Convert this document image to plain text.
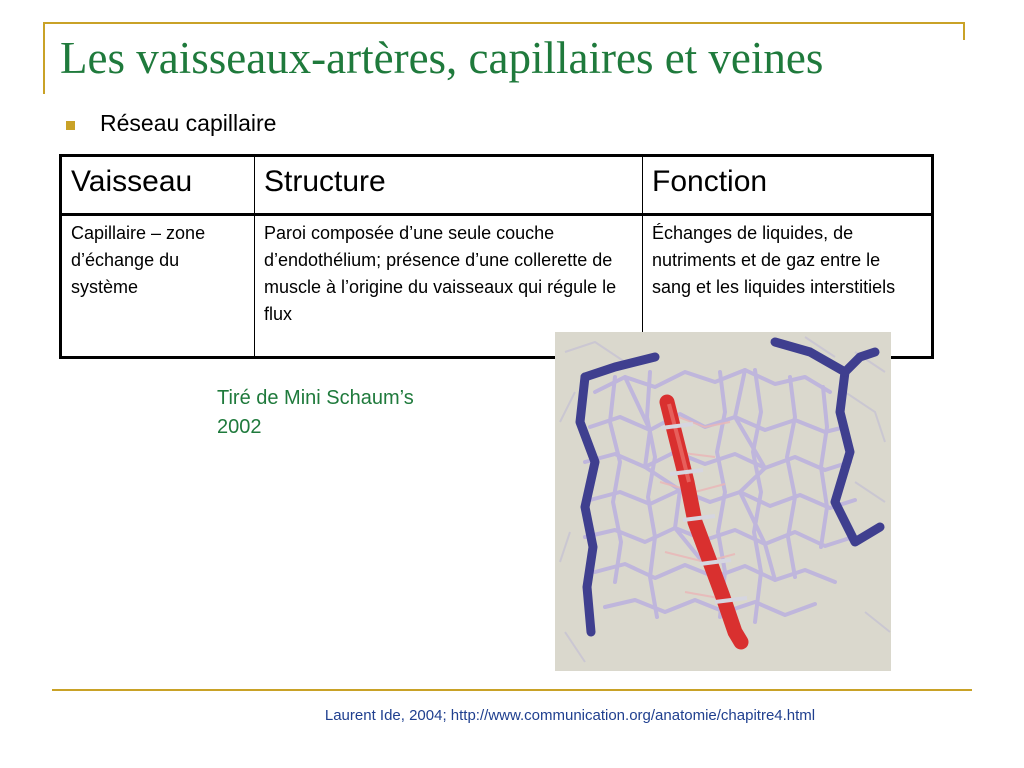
Les vaisseaux-artères, capillaires et veines
Réseau capillaire
Vaisseau	Structure	Fonction
Capillaire – zone d’échange du système	Paroi composée d’une seule couche d’endothélium; présence d’une collerette de muscle à l’origine du vaisseaux qui régule le flux	Échanges de liquides, de nutriments et de gaz entre le sang et les liquides interstitiels
Tiré de Mini Schaum’s
2002
Laurent Ide, 2004; http://www.communication.org/anatomie/chapitre4.html
